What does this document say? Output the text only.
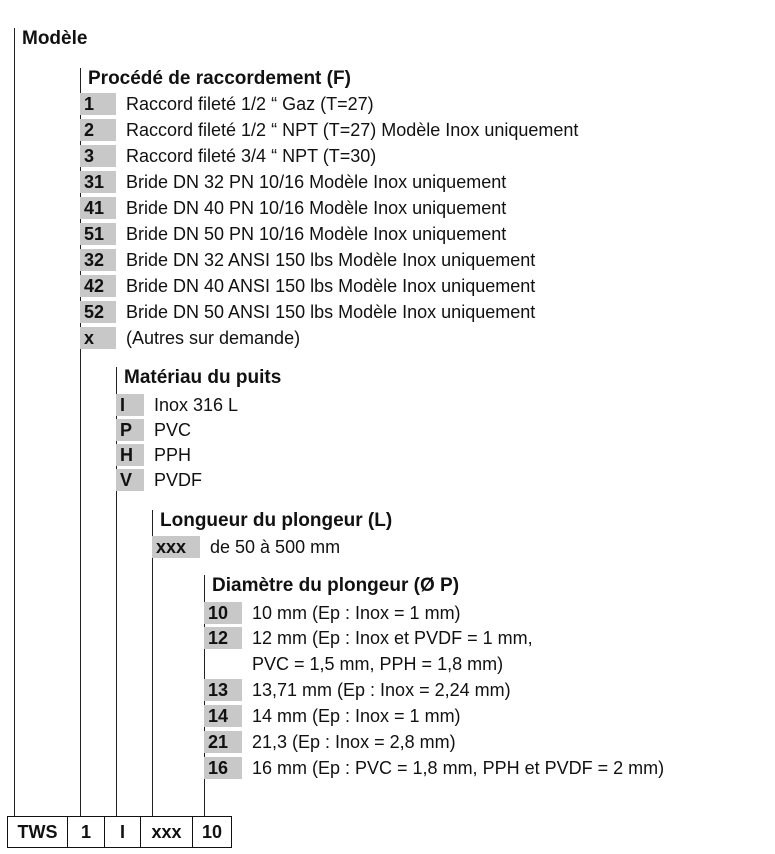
Modèle
Procédé de raccordement (F)
1	Raccord fileté 1/2 “ Gaz (T=27)
2	Raccord fileté 1/2 “ NPT (T=27) Modèle Inox uniquement
3	Raccord fileté 3/4 “ NPT (T=30)
31	Bride DN 32 PN 10/16 Modèle Inox uniquement
41	Bride DN 40 PN 10/16 Modèle Inox uniquement
51	Bride DN 50 PN 10/16 Modèle Inox uniquement
32	Bride DN 32 ANSI 150 lbs Modèle Inox uniquement
42	Bride DN 40 ANSI 150 lbs Modèle Inox uniquement
52	Bride DN 50 ANSI 150 lbs Modèle Inox uniquement
x	(Autres sur demande)
Matériau du puits
I	Inox 316 L
P	PVC
H	PPH
V	PVDF
Longueur du plongeur (L)
xxx	de 50 à 500 mm
Diamètre du plongeur (Ø P)
10	10 mm (Ep : Inox = 1 mm)
12	12 mm (Ep : Inox et PVDF = 1 mm,
PVC = 1,5 mm, PPH = 1,8 mm)
13	13,71 mm (Ep : Inox = 2,24 mm)
14	14 mm (Ep : Inox = 1 mm)
21	21,3 (Ep : Inox = 2,8 mm)
16	16 mm (Ep : PVC = 1,8 mm, PPH et PVDF = 2 mm)
TWS	1	I	xxx	10
